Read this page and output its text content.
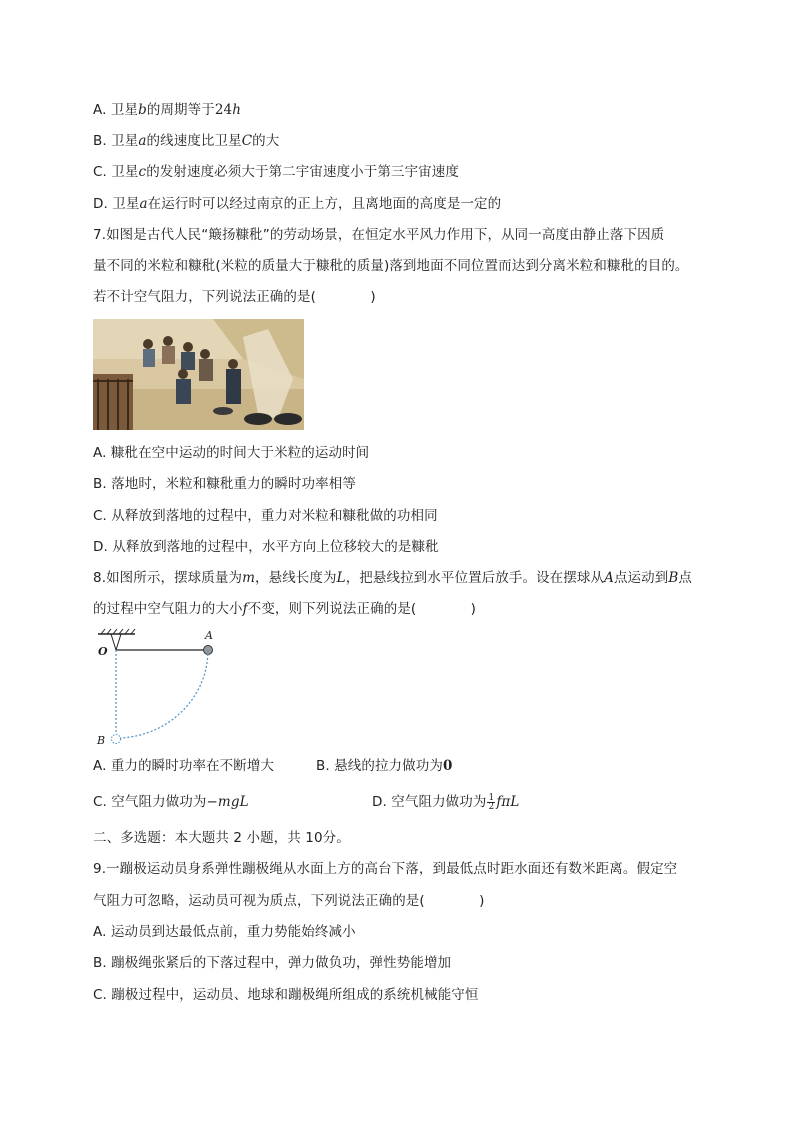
A. 卫星b的周期等于24h
B. 卫星a的线速度比卫星C的大
C. 卫星c的发射速度必须大于第二宇宙速度小于第三宇宙速度
D. 卫星a在运行时可以经过南京的正上方，且离地面的高度是一定的
7.如图是古代人民“簸扬糠秕”的劳动场景，在恒定水平风力作用下，从同一高度由静止落下因质
量不同的米粒和糠秕(米粒的质量大于糠秕的质量)落到地面不同位置而达到分离米粒和糠秕的目的。
若不计空气阻力，下列说法正确的是(　　　　)
A. 糠秕在空中运动的时间大于米粒的运动时间
B. 落地时，米粒和糠秕重力的瞬时功率相等
C. 从释放到落地的过程中，重力对米粒和糠秕做的功相同
D. 从释放到落地的过程中，水平方向上位移较大的是糠秕
8.如图所示，摆球质量为m，悬线长度为L，把悬线拉到水平位置后放手。设在摆球从A点运动到B点
的过程中空气阻力的大小f不变，则下列说法正确的是(　　　　)
O
A
B
A. 重力的瞬时功率在不断增大	B. 悬线的拉力做功为0
C. 空气阻力做功为−mgL	D. 空气阻力做功为 $\frac{1}{2}$ fπL
二、多选题：本大题共 2 小题，共 10分。
9.一蹦极运动员身系弹性蹦极绳从水面上方的高台下落，到最低点时距水面还有数米距离。假定空
气阻力可忽略，运动员可视为质点，下列说法正确的是(　　　　)
A. 运动员到达最低点前，重力势能始终减小
B. 蹦极绳张紧后的下落过程中，弹力做负功，弹性势能增加
C. 蹦极过程中，运动员、地球和蹦极绳所组成的系统机械能守恒
